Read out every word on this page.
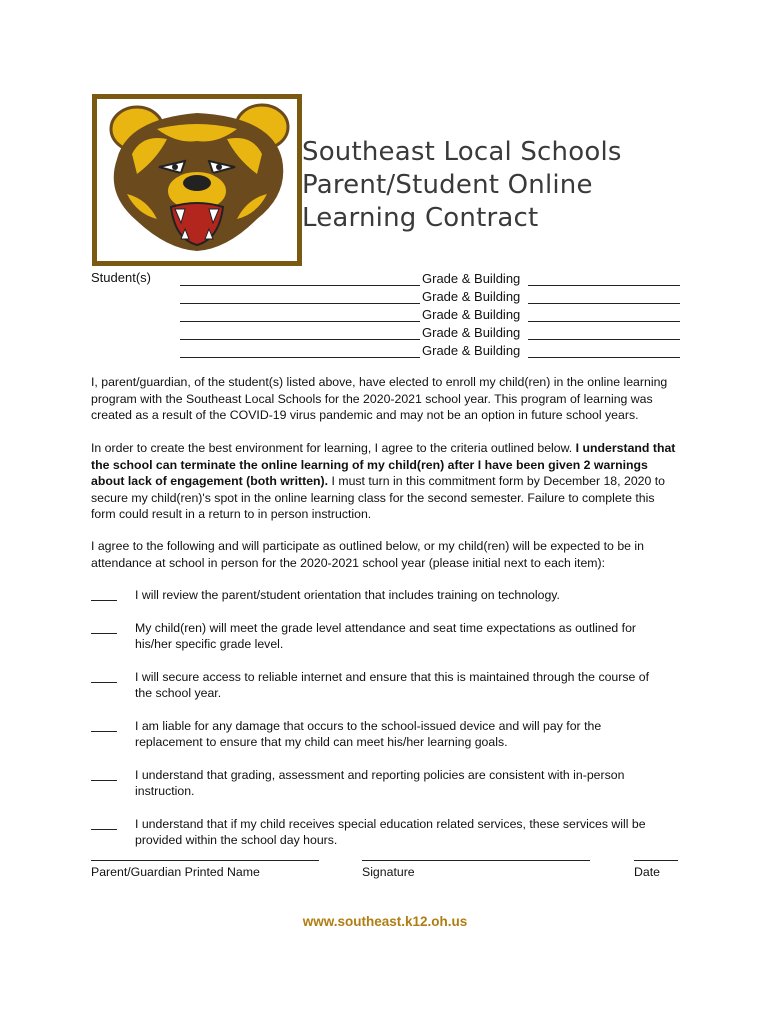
Southeast Local Schools
Parent/Student Online
Learning Contract
Student(s)	Grade & Building
Grade & Building
Grade & Building
Grade & Building
Grade & Building
I, parent/guardian, of the student(s) listed above, have elected to enroll my child(ren) in the online learning program with the Southeast Local Schools for the 2020-2021 school year. This program of learning was created as a result of the COVID-19 virus pandemic and may not be an option in future school years.
In order to create the best environment for learning, I agree to the criteria outlined below. I understand that the school can terminate the online learning of my child(ren) after I have been given 2 warnings about lack of engagement (both written). I must turn in this commitment form by December 18, 2020 to secure my child(ren)'s spot in the online learning class for the second semester. Failure to complete this form could result in a return to in person instruction.
I agree to the following and will participate as outlined below, or my child(ren) will be expected to be in attendance at school in person for the 2020-2021 school year (please initial next to each item):
I will review the parent/student orientation that includes training on technology.
My child(ren) will meet the grade level attendance and seat time expectations as outlined for his/her specific grade level.
I will secure access to reliable internet and ensure that this is maintained through the course of the school year.
I am liable for any damage that occurs to the school-issued device and will pay for the replacement to ensure that my child can meet his/her learning goals.
I understand that grading, assessment and reporting policies are consistent with in-person instruction.
I understand that if my child receives special education related services, these services will be provided within the school day hours.
Parent/Guardian Printed Name	Signature	Date
www.southeast.k12.oh.us
